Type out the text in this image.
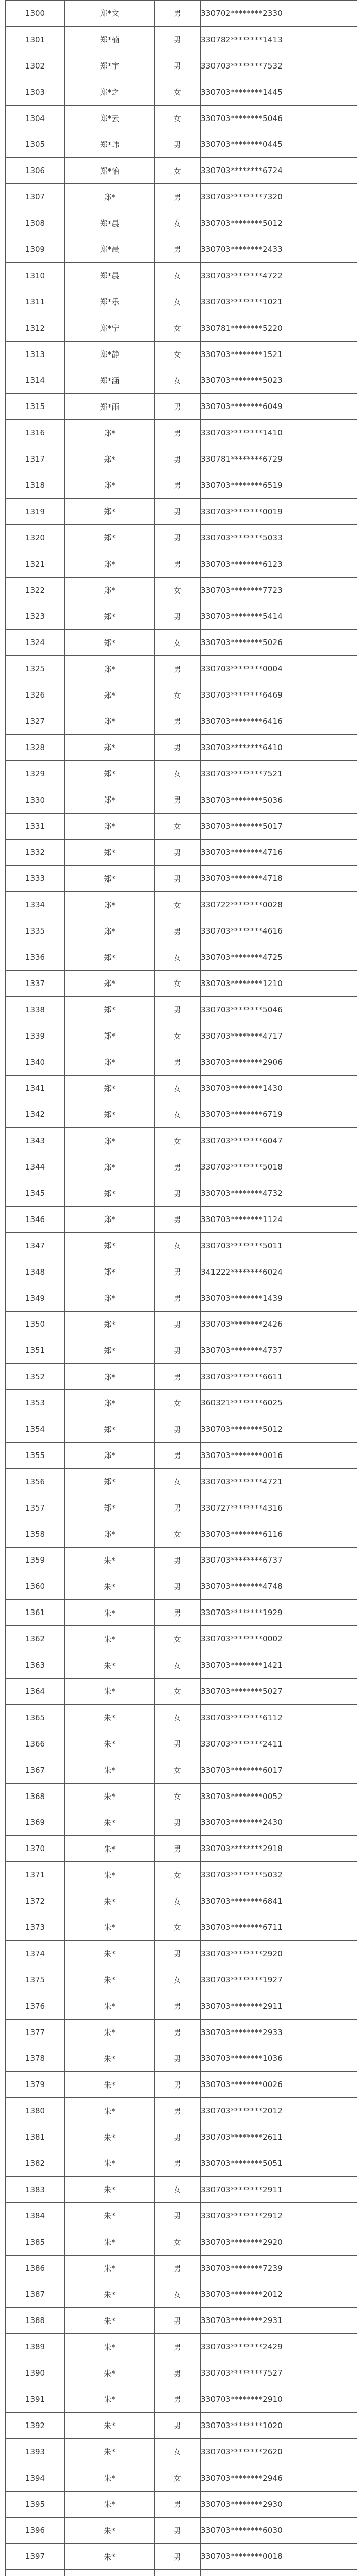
1300	郑*文	男	330702********2330
1301	郑*楠	男	330782********1413
1302	郑*宇	男	330703********7532
1303	郑*之	女	330703********1445
1304	郑*云	女	330703********5046
1305	郑*玮	男	330703********0445
1306	郑*怡	女	330703********6724
1307	郑*	男	330703********7320
1308	郑*晨	女	330703********5012
1309	郑*晨	男	330703********2433
1310	郑*晨	女	330703********4722
1311	郑*乐	女	330703********1021
1312	郑*宁	女	330781********5220
1313	郑*静	女	330703********1521
1314	郑*涵	女	330703********5023
1315	郑*雨	男	330703********6049
1316	郑*	男	330703********1410
1317	郑*	男	330781********6729
1318	郑*	男	330703********6519
1319	郑*	男	330703********0019
1320	郑*	男	330703********5033
1321	郑*	男	330703********6123
1322	郑*	女	330703********7723
1323	郑*	男	330703********5414
1324	郑*	女	330703********5026
1325	郑*	男	330703********0004
1326	郑*	女	330703********6469
1327	郑*	男	330703********6416
1328	郑*	男	330703********6410
1329	郑*	女	330703********7521
1330	郑*	男	330703********5036
1331	郑*	女	330703********5017
1332	郑*	男	330703********4716
1333	郑*	男	330703********4718
1334	郑*	女	330722********0028
1335	郑*	男	330703********4616
1336	郑*	女	330703********4725
1337	郑*	女	330703********1210
1338	郑*	男	330703********5046
1339	郑*	女	330703********4717
1340	郑*	男	330703********2906
1341	郑*	女	330703********1430
1342	郑*	女	330703********6719
1343	郑*	女	330703********6047
1344	郑*	男	330703********5018
1345	郑*	男	330703********4732
1346	郑*	男	330703********1124
1347	郑*	女	330703********5011
1348	郑*	男	341222********6024
1349	郑*	男	330703********1439
1350	郑*	男	330703********2426
1351	郑*	男	330703********4737
1352	郑*	男	330703********6611
1353	郑*	女	360321********6025
1354	郑*	男	330703********5012
1355	郑*	男	330703********0016
1356	郑*	女	330703********4721
1357	郑*	男	330727********4316
1358	郑*	女	330703********6116
1359	朱*	男	330703********6737
1360	朱*	男	330703********4748
1361	朱*	男	330703********1929
1362	朱*	女	330703********0002
1363	朱*	女	330703********1421
1364	朱*	女	330703********5027
1365	朱*	女	330703********6112
1366	朱*	男	330703********2411
1367	朱*	女	330703********6017
1368	朱*	女	330703********0052
1369	朱*	男	330703********2430
1370	朱*	男	330703********2918
1371	朱*	女	330703********5032
1372	朱*	女	330703********6841
1373	朱*	女	330703********6711
1374	朱*	男	330703********2920
1375	朱*	女	330703********1927
1376	朱*	男	330703********2911
1377	朱*	男	330703********2933
1378	朱*	男	330703********1036
1379	朱*	男	330703********0026
1380	朱*	男	330703********2012
1381	朱*	男	330703********2611
1382	朱*	男	330703********5051
1383	朱*	女	330703********2911
1384	朱*	男	330703********2912
1385	朱*	女	330703********2920
1386	朱*	男	330703********7239
1387	朱*	女	330703********2012
1388	朱*	男	330703********2931
1389	朱*	男	330703********2429
1390	朱*	男	330703********7527
1391	朱*	男	330703********2910
1392	朱*	男	330703********1020
1393	朱*	女	330703********2620
1394	朱*	女	330703********2946
1395	朱*	男	330703********2930
1396	朱*	男	330703********6030
1397	朱*	男	330703********0018
